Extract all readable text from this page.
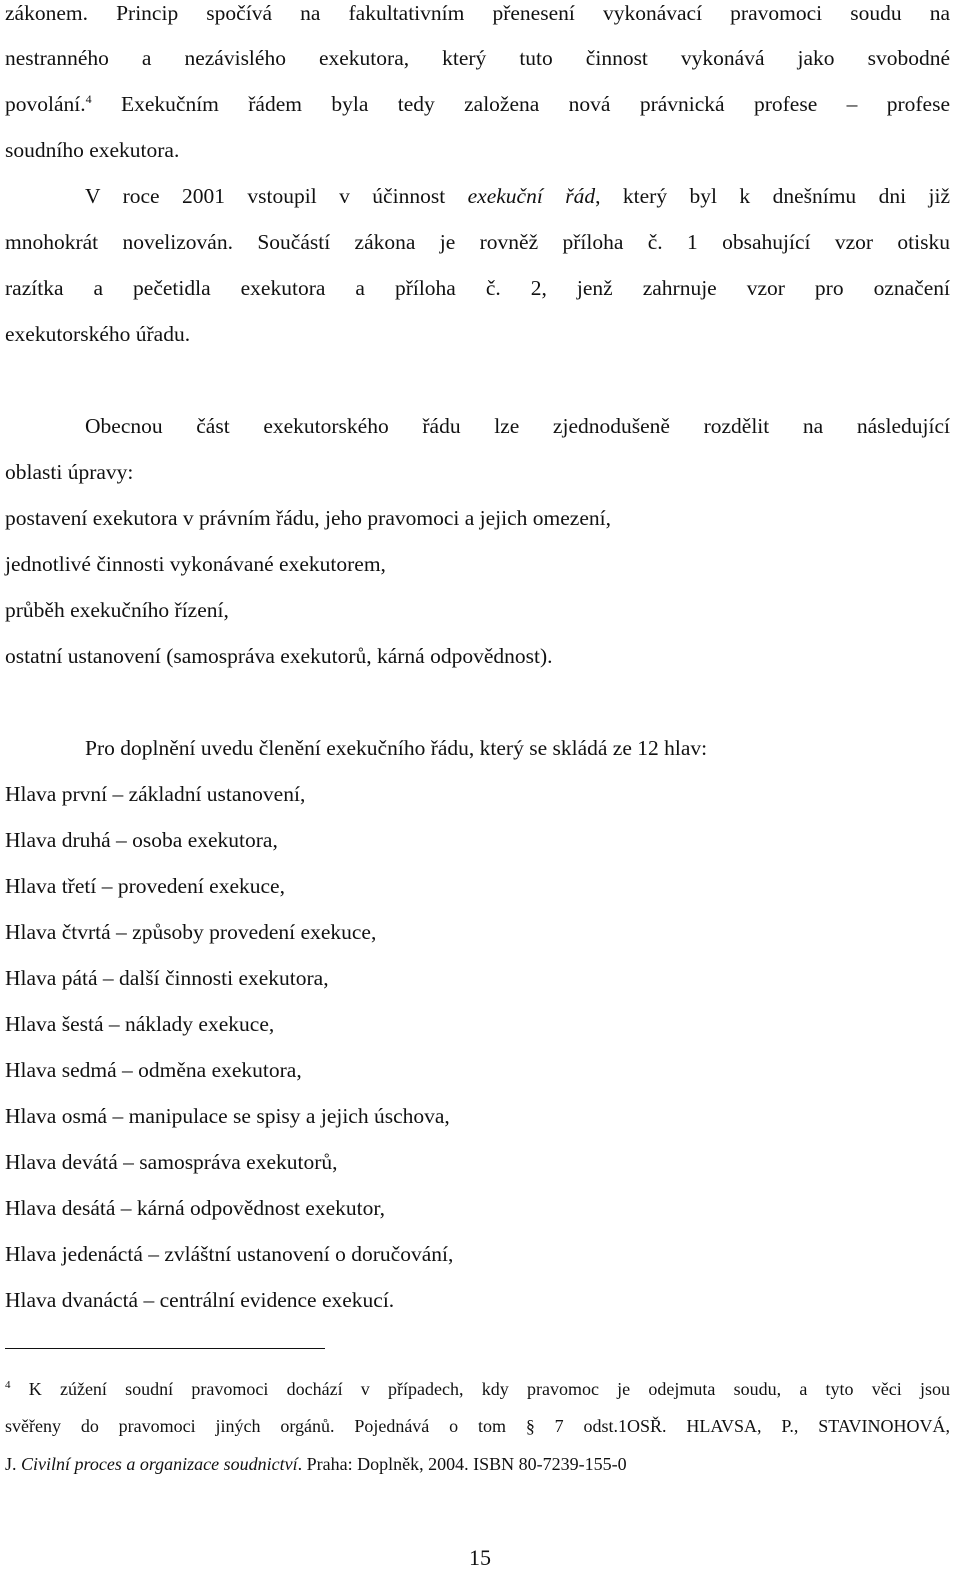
zákonem. Princip spočívá na fakultativním přenesení vykonávací pravomoci soudu na
nestranného a nezávislého exekutora, který tuto činnost vykonává jako svobodné
povolání.$^4$ Exekučním řádem byla tedy založena nová právnická profese – profese
soudního exekutora.
V roce 2001 vstoupil v účinnost exekuční řád, který byl k dnešnímu dni již
mnohokrát novelizován. Součástí zákona je rovněž příloha č. 1 obsahující vzor otisku
razítka a pečetidla exekutora a příloha č. 2, jenž zahrnuje vzor pro označení
exekutorského úřadu.
Obecnou část exekutorského řádu lze zjednodušeně rozdělit na následující
oblasti úpravy:
postavení exekutora v právním řádu, jeho pravomoci a jejich omezení,
jednotlivé činnosti vykonávané exekutorem,
průběh exekučního řízení,
ostatní ustanovení (samospráva exekutorů, kárná odpovědnost).
Pro doplnění uvedu členění exekučního řádu, který se skládá ze 12 hlav:
Hlava první – základní ustanovení,
Hlava druhá – osoba exekutora,
Hlava třetí – provedení exekuce,
Hlava čtvrtá – způsoby provedení exekuce,
Hlava pátá – další činnosti exekutora,
Hlava šestá – náklady exekuce,
Hlava sedmá – odměna exekutora,
Hlava osmá – manipulace se spisy a jejich úschova,
Hlava devátá – samospráva exekutorů,
Hlava desátá – kárná odpovědnost exekutor,
Hlava jedenáctá – zvláštní ustanovení o doručování,
Hlava dvanáctá – centrální evidence exekucí.
$^4$ K zúžení soudní pravomoci dochází v případech, kdy pravomoc je odejmuta soudu, a tyto věci jsou
svěřeny do pravomoci jiných orgánů. Pojednává o tom § 7 odst.1OSŘ. HLAVSA, P., STAVINOHOVÁ,
J. Civilní proces a organizace soudnictví. Praha: Doplněk, 2004. ISBN 80-7239-155-0
15
